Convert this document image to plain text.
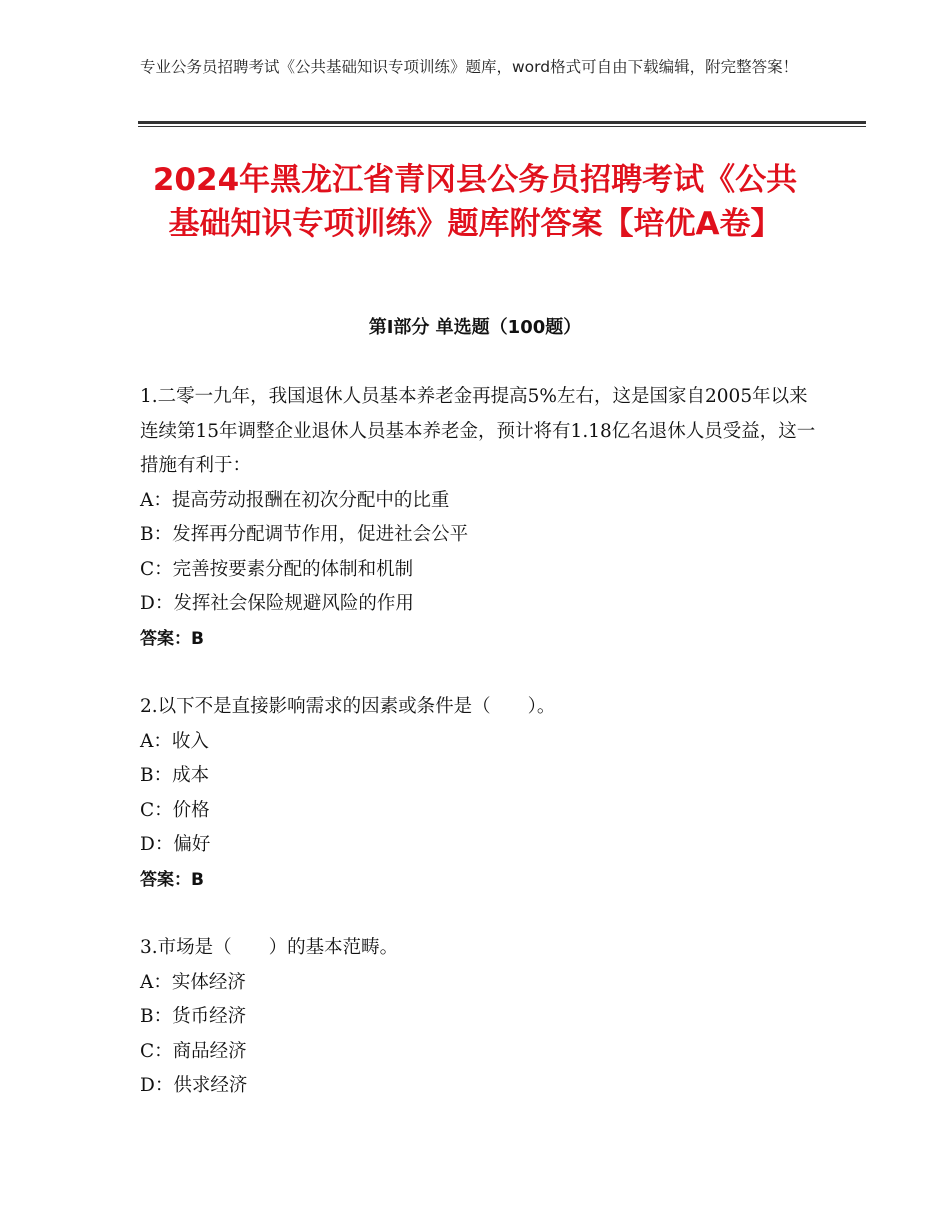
专业公务员招聘考试《公共基础知识专项训练》题库，word格式可自由下载编辑，附完整答案！
2024年黑龙江省青冈县公务员招聘考试《公共基础知识专项训练》题库附答案【培优A卷】
第I部分 单选题（100题）
1.二零一九年，我国退休人员基本养老金再提高5%左右，这是国家自2005年以来连续第15年调整企业退休人员基本养老金，预计将有1.18亿名退休人员受益，这一措施有利于：
A：提高劳动报酬在初次分配中的比重
B：发挥再分配调节作用，促进社会公平
C：完善按要素分配的体制和机制
D：发挥社会保险规避风险的作用
答案：B
2.以下不是直接影响需求的因素或条件是（　　）。
A：收入
B：成本
C：价格
D：偏好
答案：B
3.市场是（　　）的基本范畴。
A：实体经济
B：货币经济
C：商品经济
D：供求经济
